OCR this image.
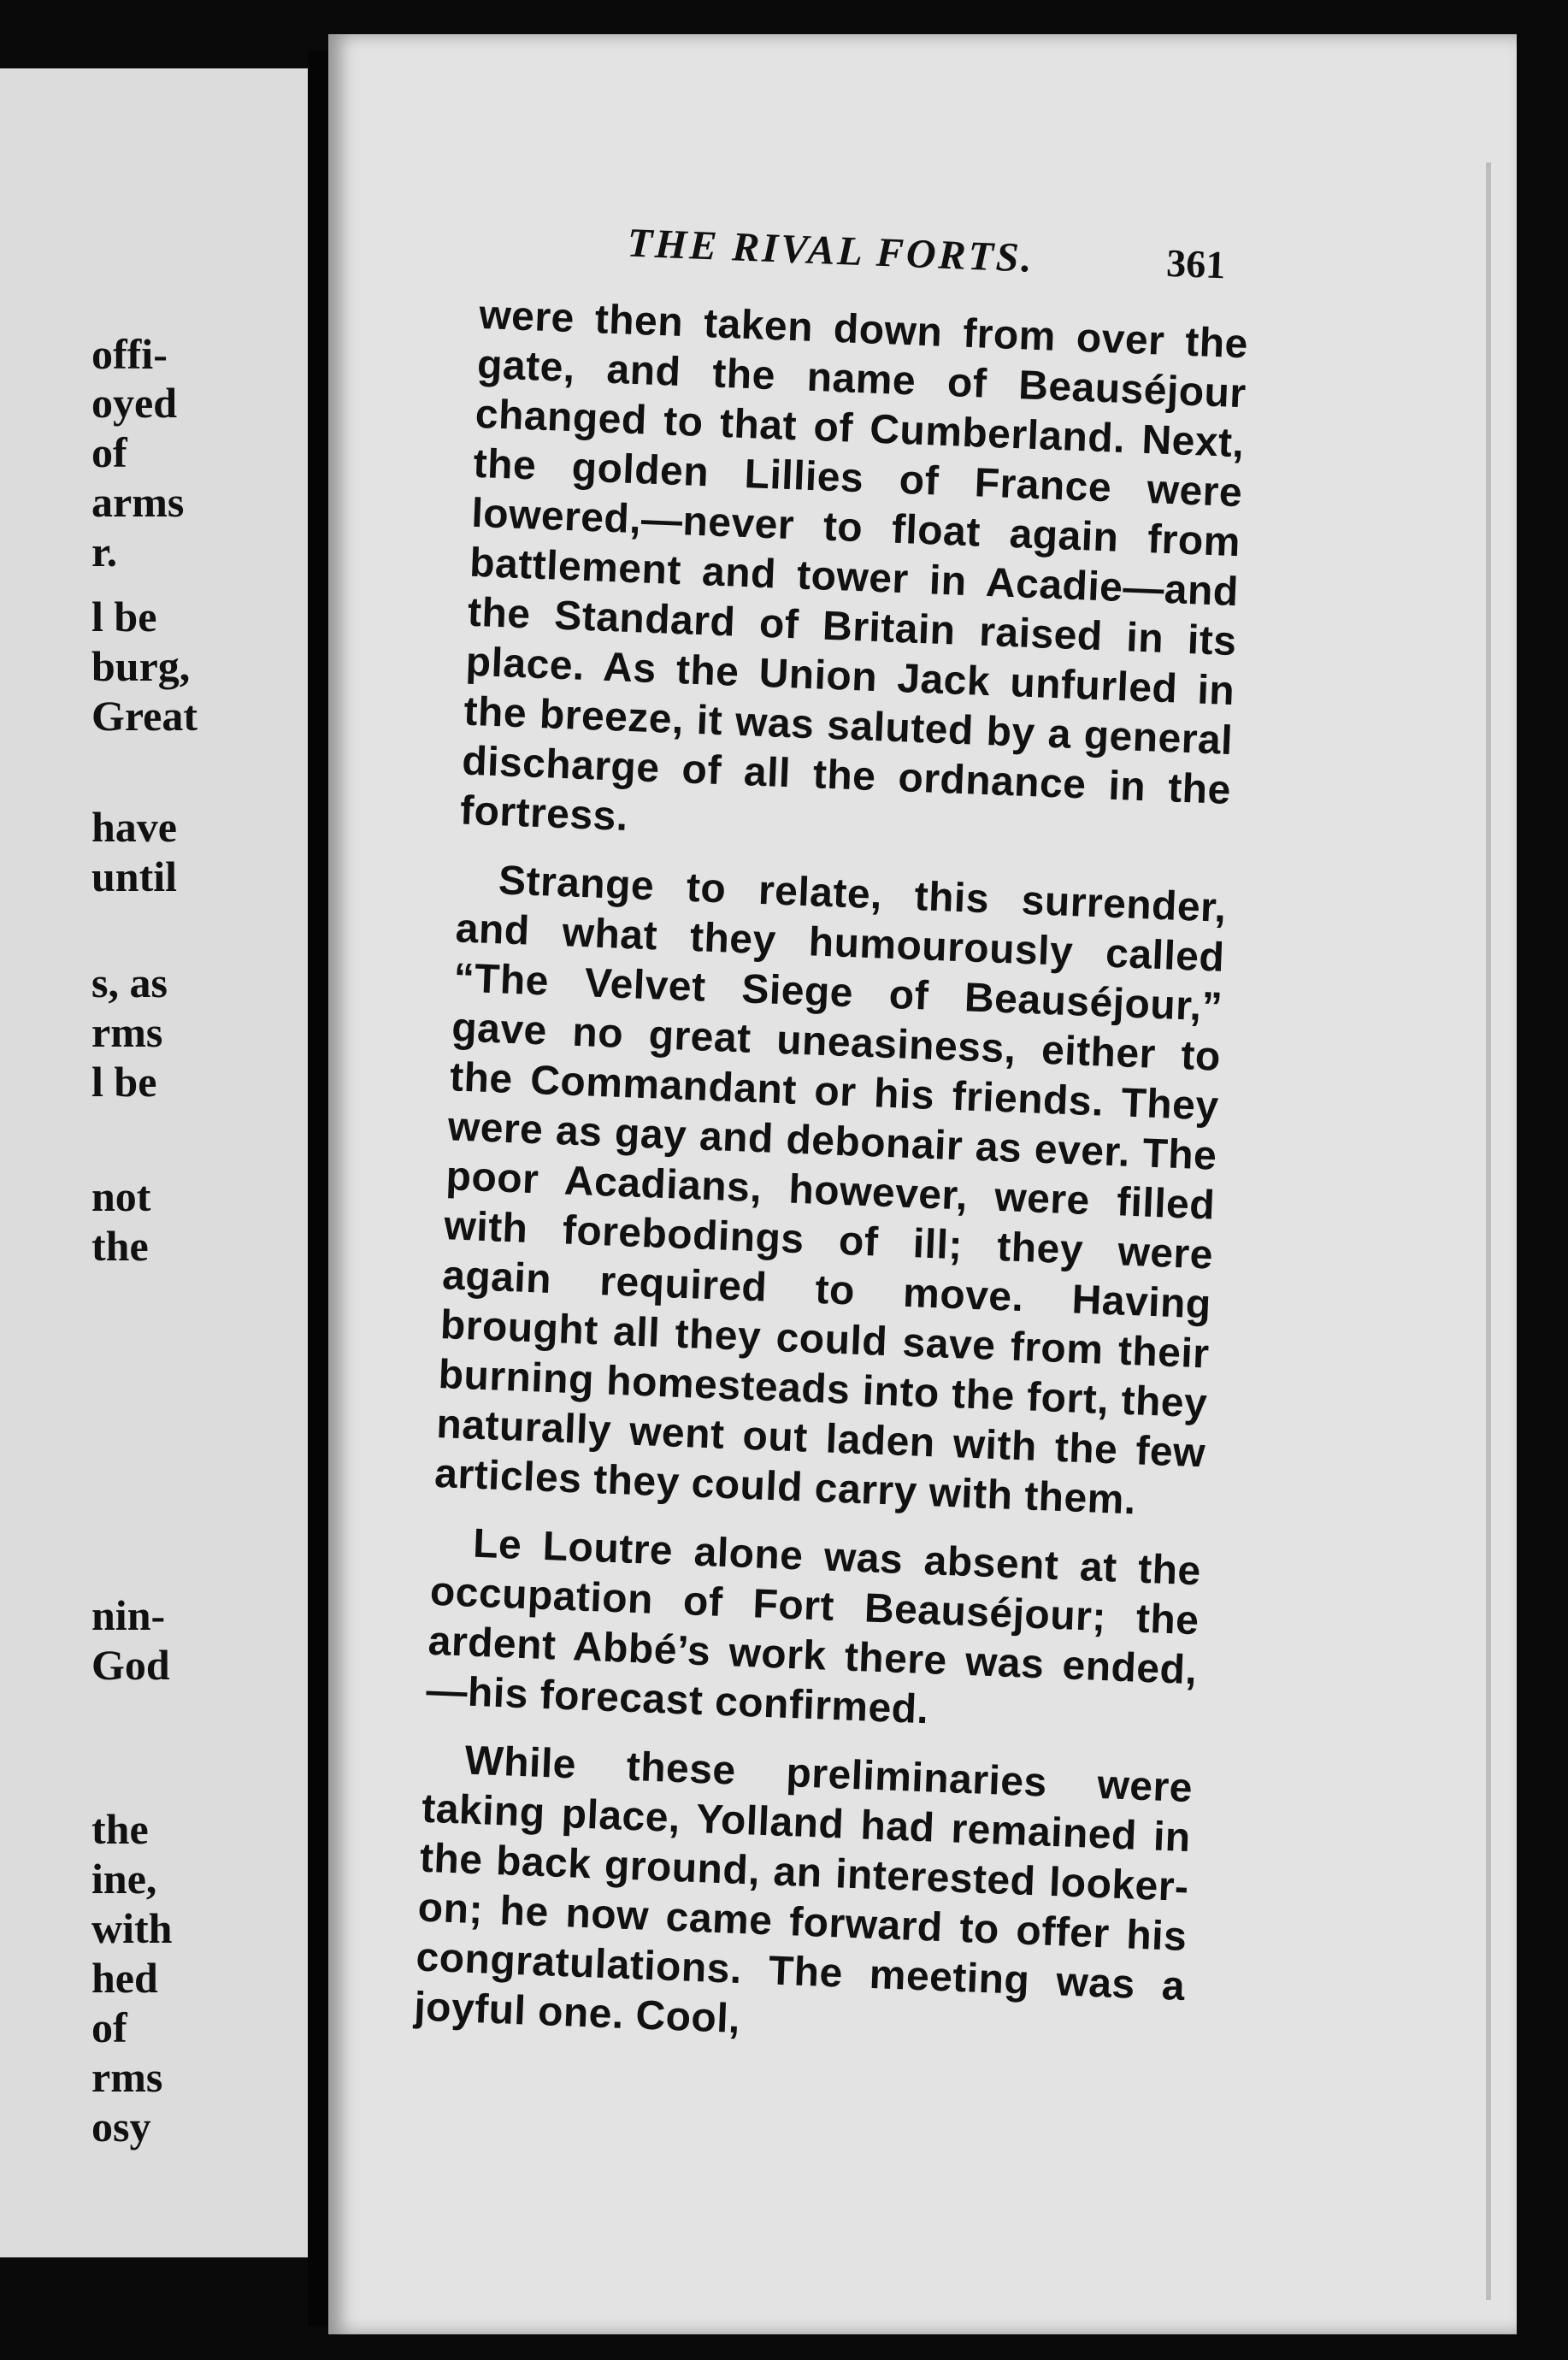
offi-
oyed
of
arms
r.
l be
burg,
Great
have
until
s, as
rms
l be
not
the
nin-
God
the
ine,
with
hed
of
rms
osy
THE RIVAL FORTS.	361

were then taken down from over the gate, and the name of Beauséjour changed to that of Cumberland. Next, the golden Lillies of France were lowered,—never to float again from battlement and tower in Acadie—and the Standard of Britain raised in its place. As the Union Jack unfurled in the breeze, it was saluted by a general discharge of all the ordnance in the fortress.

Strange to relate, this surrender, and what they humourously called “The Velvet Siege of Beauséjour,” gave no great uneasiness, either to the Commandant or his friends. They were as gay and debonair as ever. The poor Acadians, however, were filled with forebodings of ill; they were again required to move. Having brought all they could save from their burning homesteads into the fort, they naturally went out laden with the few articles they could carry with them.

Le Loutre alone was absent at the occupation of Fort Beauséjour; the ardent Abbé’s work there was ended,—his forecast confirmed.

While these preliminaries were taking place, Yolland had remained in the back ground, an interested looker-on; he now came forward to offer his congratulations. The meeting was a joyful one. Cool,
